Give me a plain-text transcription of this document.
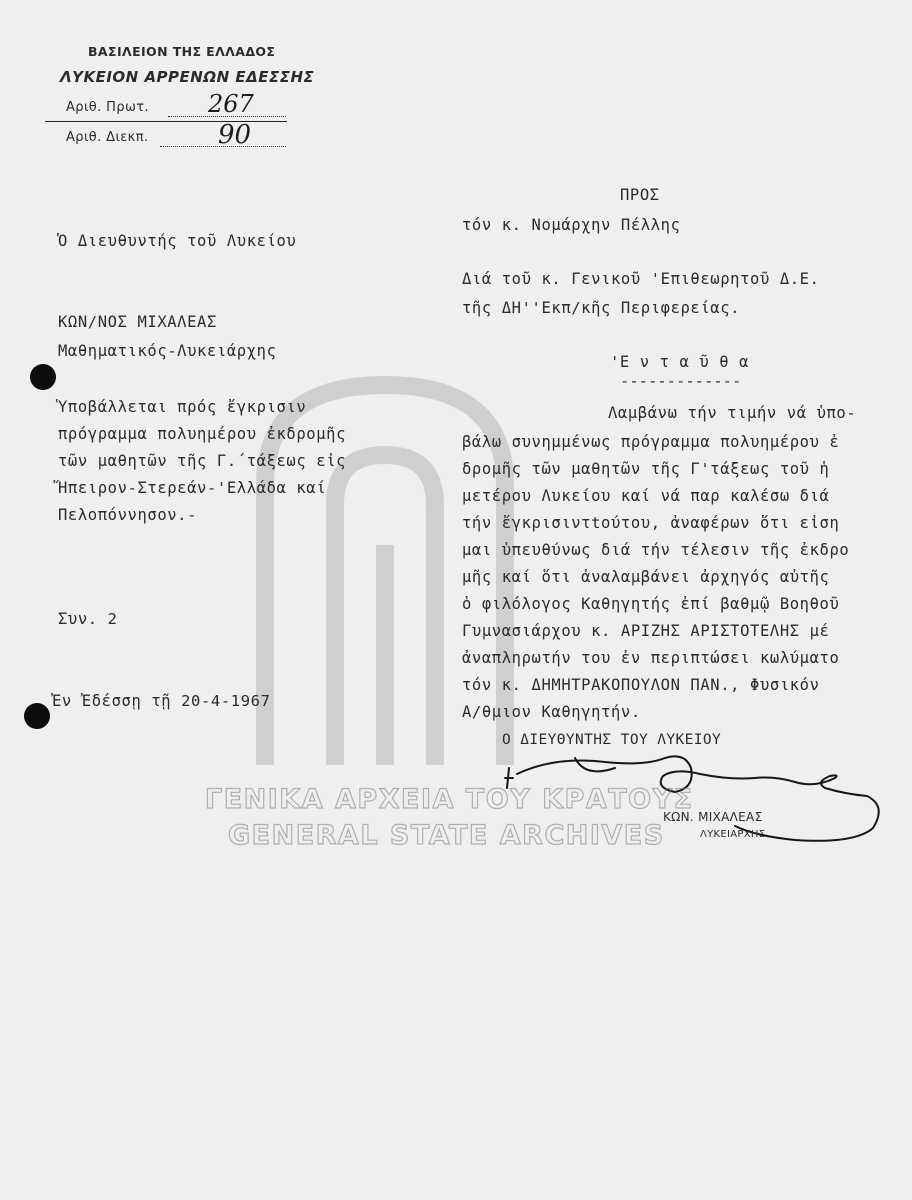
ΒΑΣΙΛΕΙΟΝ ΤΗΣ ΕΛΛΑΔΟΣ
ΛΥΚΕΙΟΝ ΑΡΡΕΝΩΝ ΕΔΕΣΣΗΣ
Αριθ. Πρωτ. 267
Αριθ. Διεκπ.	90
ΠΡΟΣ
τόν κ. Νομάρχην Πέλλης
Διά τοῦ κ. Γενικοῦ 'Επιθεωρητοῦ Δ.Ε.
τῆς ΔΗ''Εκπ/κῆς Περιφερείας.
Ὁ Διευθυντής τοῦ Λυκείου
ΚΩΝ/ΝΟΣ ΜΙΧΑΛΕΑΣ
Μαθηματικός-Λυκειάρχης
Ὑποβάλλεται πρός ἔγκρισιν
πρόγραμμα πολυημέρου ἐκδρομῆς
τῶν μαθητῶν τῆς Γ.΄τάξεως εἰς
Ἤπειρον-Στερεάν-'Ελλάδα καί
Πελοπόννησον.-
Συν. 2
Ἐν Ἐδέσσῃ τῇ 20-4-1967
'Ε ν τ α ῦ θ α
-------------
Λαμβάνω τήν τιμήν νά ὑπο-
βάλω συνημμένως πρόγραμμα πολυημέρου ἐ
δρομῆς τῶν μαθητῶν τῆς Γ'τάξεως τοῦ ἡ
μετέρου Λυκείου καί νά παρ καλέσω διά
τήν ἔγκρισιντtούτου, ἀναφέρων ὅτι εἰση
μαι ὑπευθύνως διά τήν τέλεσιν τῆς ἐκδρο
μῆς καί ὅτι ἀναλαμβάνει ἀρχηγός αὐτῆς
ὁ φιλόλογος Καθηγητής ἐπί βαθμῷ Βοηθοῦ
Γυμνασιάρχου κ. ΑΡΙΖΗΣ ΑΡΙΣΤΟΤΕΛΗΣ μέ
ἀναπληρωτήν του ἐν περιπτώσει κωλύματο
τόν κ. ΔΗΜΗΤΡΑΚΟΠΟΥΛΟΝ ΠΑΝ., Φυσικόν
Α/θμιον Καθηγητήν.
Ο ΔΙΕΥΘΥΝΤΗΣ ΤΟΥ ΛΥΚΕΙΟΥ
ΚΩΝ. ΜΙΧΑΛΕΑΣ
ΛΥΚΕΙΑΡΧΗΣ
ΓΕΝΙΚΑ ΑΡΧΕΙΑ ΤΟΥ ΚΡΑΤΟΥΣ
GENERAL STATE ARCHIVES
